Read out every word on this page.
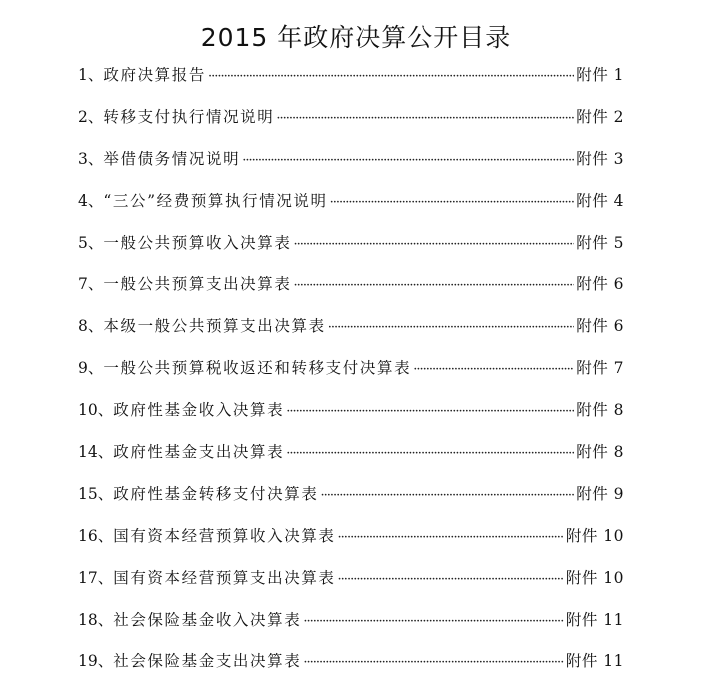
2015 年政府决算公开目录
1、 政府决算报告 ·····	附件 1
2、 转移支付执行情况说明 ·····	附件 2
3、 举借债务情况说明 ·····	附件 3
4、 “三公”经费预算执行情况说明 ·····	附件 4
5、 一般公共预算收入决算表 ·····	附件 5
7、 一般公共预算支出决算表 ·····	附件 6
8、 本级一般公共预算支出决算表 ·····	附件 6
9、 一般公共预算税收返还和转移支付决算表 ·····	附件 7
10、 政府性基金收入决算表 ·····	附件 8
14、 政府性基金支出决算表 ·····	附件 8
15、 政府性基金转移支付决算表 ·····	附件 9
16、 国有资本经营预算收入决算表 ·····	附件 10
17、 国有资本经营预算支出决算表 ·····	附件 10
18、 社会保险基金收入决算表 ·····	附件 11
19、 社会保险基金支出决算表 ·····	附件 11
